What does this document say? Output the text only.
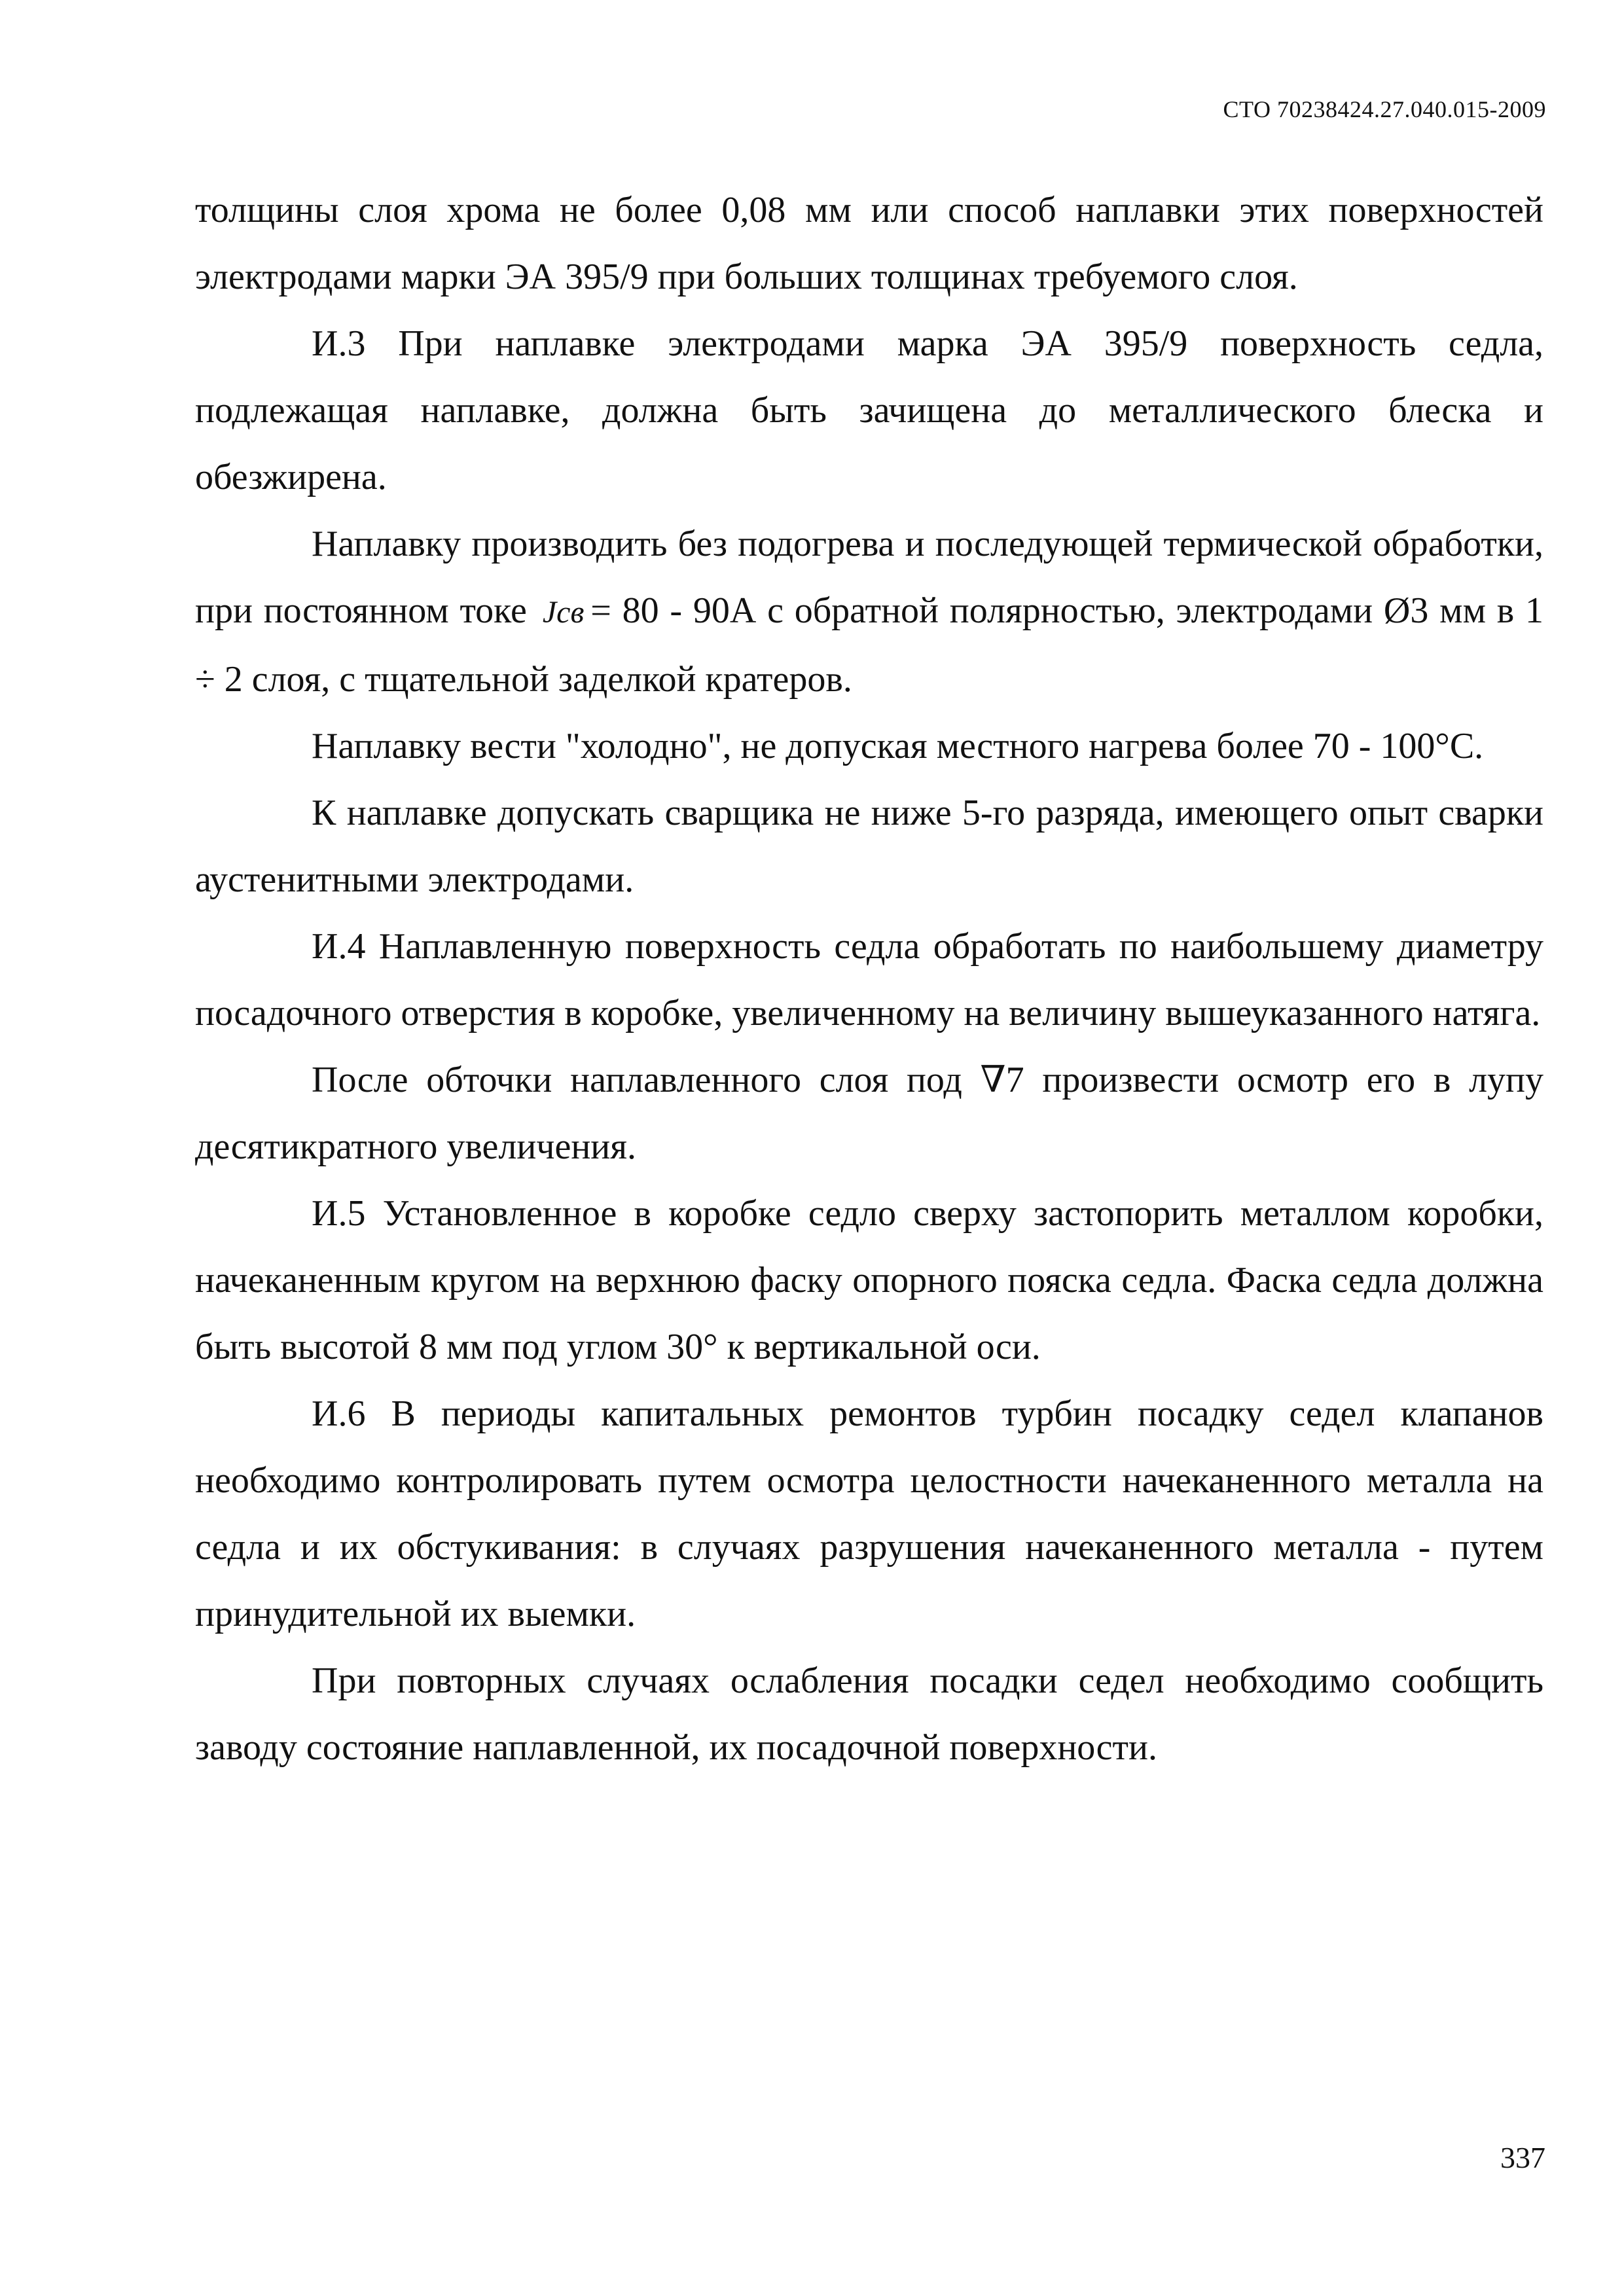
СТО 70238424.27.040.015-2009

толщины слоя хрома не более 0,08 мм или способ наплавки этих поверхностей электродами марки ЭА 395/9 при больших толщинах требуемого слоя.

И.3 При наплавке электродами марка ЭА 395/9 поверхность седла, подлежащая наплавке, должна быть зачищена до металлического блеска и обезжирена.

Наплавку производить без подогрева и последующей термической обработки, при постоянном токе Jсв = 80 - 90А с обратной полярностью, электродами Ø3 мм в 1 ÷ 2 слоя, с тщательной заделкой кратеров.

Наплавку вести "холодно", не допуская местного нагрева более 70 - 100°С.

К наплавке допускать сварщика не ниже 5-го разряда, имеющего опыт сварки аустенитными электродами.

И.4 Наплавленную поверхность седла обработать по наибольшему диаметру посадочного отверстия в коробке, увеличенному на величину вышеуказанного натяга.

После обточки наплавленного слоя под ∇7 произвести осмотр его в лупу десятикратного увеличения.

И.5 Установленное в коробке седло сверху застопорить металлом коробки, начеканенным кругом на верхнюю фаску опорного пояска седла. Фаска седла должна быть высотой 8 мм под углом 30° к вертикальной оси.

И.6 В периоды капитальных ремонтов турбин посадку седел клапанов необходимо контролировать путем осмотра целостности начеканенного металла на седла и их обстукивания: в случаях разрушения начеканенного металла - путем принудительной их выемки.

При повторных случаях ослабления посадки седел необходимо сообщить заводу состояние наплавленной, их посадочной поверхности.

337
